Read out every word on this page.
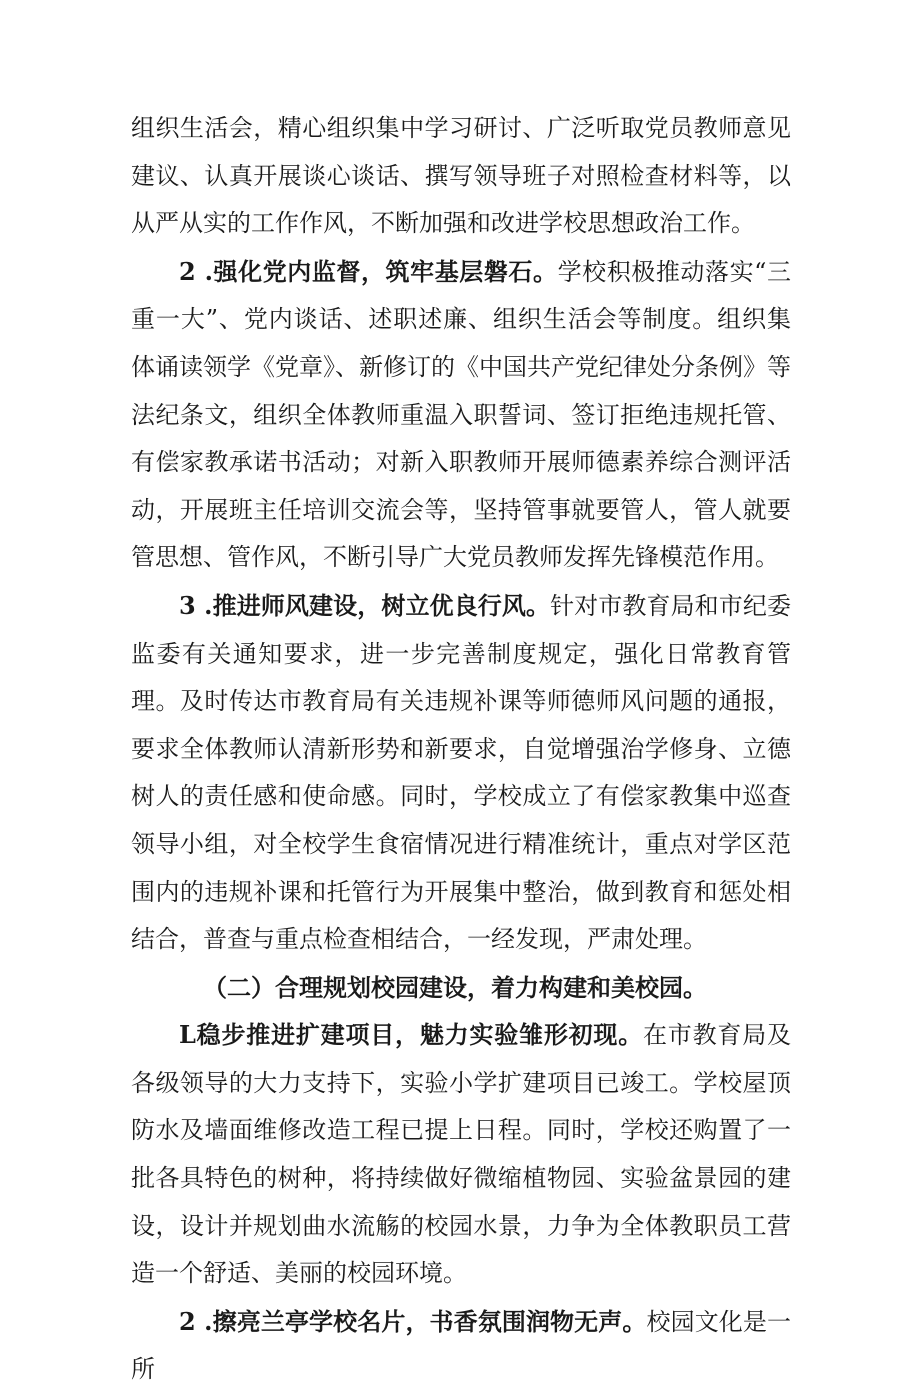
组织生活会，精心组织集中学习研讨、广泛听取党员教师意见建议、认真开展谈心谈话、撰写领导班子对照检查材料等，以从严从实的工作作风，不断加强和改进学校思想政治工作。

2 .强化党内监督，筑牢基层磐石。学校积极推动落实“三重一大”、党内谈话、述职述廉、组织生活会等制度。组织集体诵读领学《党章》、新修订的《中国共产党纪律处分条例》等法纪条文，组织全体教师重温入职誓词、签订拒绝违规托管、有偿家教承诺书活动；对新入职教师开展师德素养综合测评活动，开展班主任培训交流会等，坚持管事就要管人，管人就要管思想、管作风，不断引导广大党员教师发挥先锋模范作用。

3 .推进师风建设，树立优良行风。针对市教育局和市纪委监委有关通知要求，进一步完善制度规定，强化日常教育管理。及时传达市教育局有关违规补课等师德师风问题的通报，要求全体教师认清新形势和新要求，自觉增强治学修身、立德树人的责任感和使命感。同时，学校成立了有偿家教集中巡查领导小组，对全校学生食宿情况进行精准统计，重点对学区范围内的违规补课和托管行为开展集中整治，做到教育和惩处相结合，普查与重点检查相结合，一经发现，严肃处理。

（二）合理规划校园建设，着力构建和美校园。

L稳步推进扩建项目，魅力实验雏形初现。在市教育局及各级领导的大力支持下，实验小学扩建项目已竣工。学校屋顶防水及墙面维修改造工程已提上日程。同时，学校还购置了一批各具特色的树种，将持续做好微缩植物园、实验盆景园的建设，设计并规划曲水流觞的校园水景，力争为全体教职员工营造一个舒适、美丽的校园环境。

2 .擦亮兰亭学校名片，书香氛围润物无声。校园文化是一所
